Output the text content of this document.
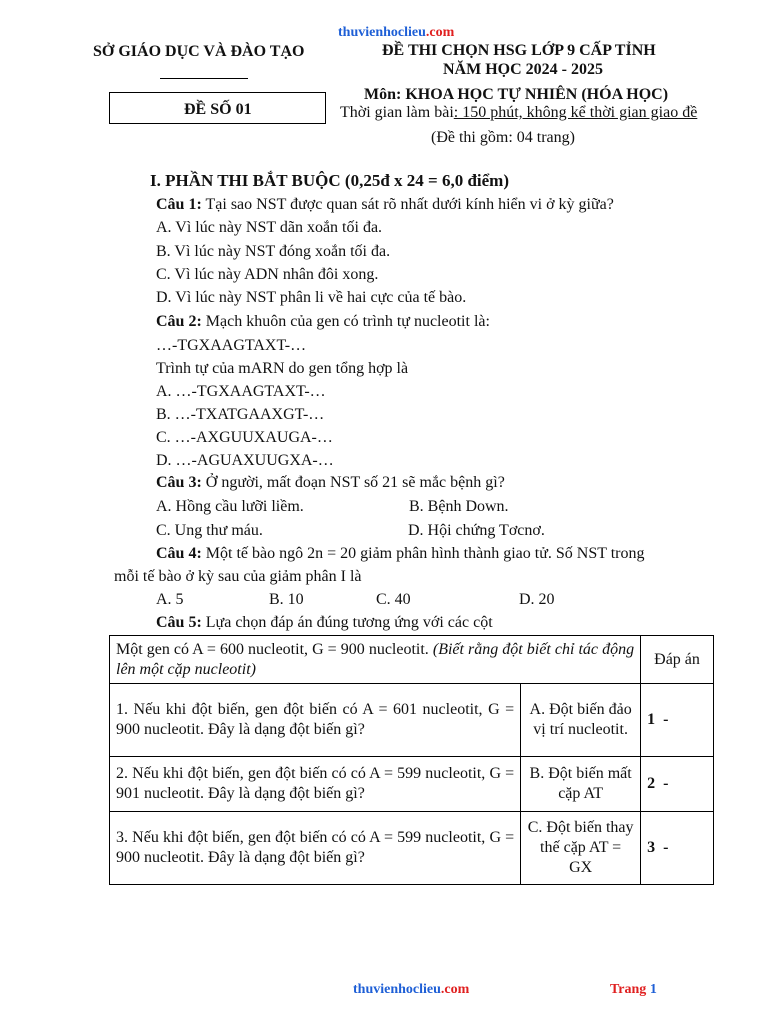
thuvienhoclieu.com
SỞ GIÁO DỤC VÀ ĐÀO TẠO
ĐỀ SỐ 01
ĐỀ THI CHỌN HSG LỚP 9 CẤP TỈNH
NĂM HỌC 2024 - 2025
Môn: KHOA HỌC TỰ NHIÊN (HÓA HỌC)
Thời gian làm bài: 150 phút, không kể thời gian giao đề
(Đề thi gồm: 04 trang)
I. PHẦN THI BẮT BUỘC (0,25đ x 24 = 6,0 điểm)
Câu 1: Tại sao NST được quan sát rõ nhất dưới kính hiển vi ở kỳ giữa?
A. Vì lúc này NST dãn xoắn tối đa.
B. Vì lúc này NST đóng xoắn tối đa.
C. Vì lúc này ADN nhân đôi xong.
D. Vì lúc này NST phân li về hai cực của tế bào.
Câu 2: Mạch khuôn của gen có trình tự nucleotit là:
…-TGXAAGTAXT-…
Trình tự của mARN do gen tổng hợp là
A. …-TGXAAGTAXT-…
B. …-TXATGAAXGT-…
C. …-AXGUUXAUGA-…
D. …-AGUAXUUGXA-…
Câu 3: Ở người, mất đoạn NST số 21 sẽ mắc bệnh gì?
A. Hồng cầu lưỡi liềm.	B. Bệnh Down.
C. Ung thư máu.	D. Hội chứng Tơcnơ.
Câu 4: Một tế bào ngô 2n = 20 giảm phân hình thành giao tử. Số NST trong
mỗi tế bào ở kỳ sau của giảm phân I là
A. 5	B. 10	C. 40	D. 20
Câu 5: Lựa chọn đáp án đúng tương ứng với các cột
Một gen có A = 600 nucleotit, G = 900 nucleotit. (Biết rằng đột biết chỉ tác động lên một cặp nucleotit)		Đáp án
1. Nếu khi đột biến, gen đột biến có A = 601 nucleotit, G = 900 nucleotit. Đây là dạng đột biến gì?	A. Đột biến đảo vị trí nucleotit.	1  -
2. Nếu khi đột biến, gen đột biến có có A = 599 nucleotit, G = 901 nucleotit. Đây là dạng đột biến gì?	B. Đột biến mất cặp AT	2  -
3. Nếu khi đột biến, gen đột biến có có A = 599 nucleotit, G = 900 nucleotit. Đây là dạng đột biến gì?	C. Đột biến thay thế cặp AT = GX	3  -
thuvienhoclieu.com	Trang 1
